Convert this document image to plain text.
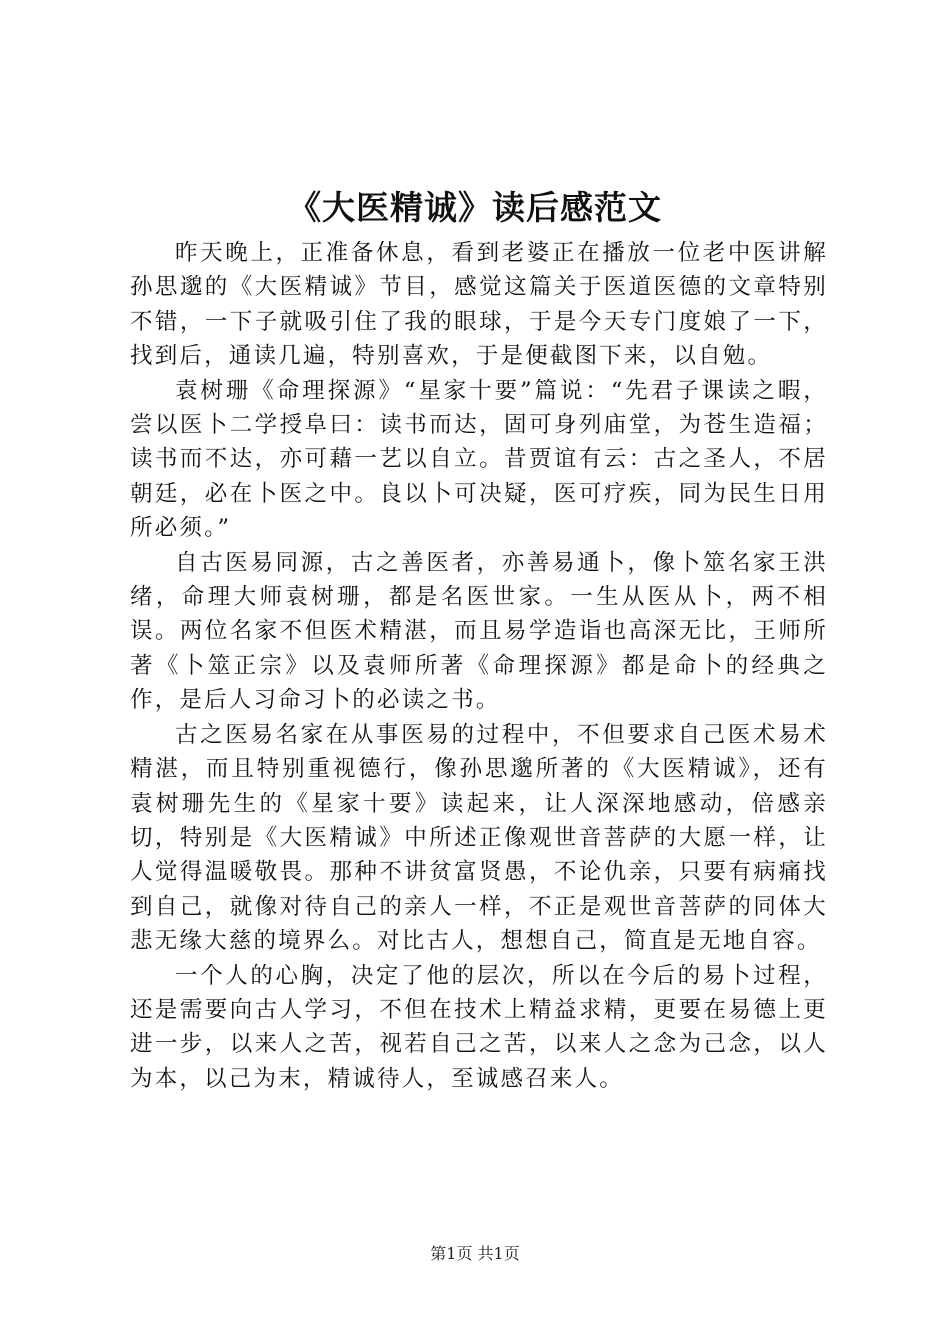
《大医精诚》读后感范文

昨天晚上，正准备休息，看到老婆正在播放一位老中医讲解孙思邈的《大医精诚》节目，感觉这篇关于医道医德的文章特别不错，一下子就吸引住了我的眼球，于是今天专门度娘了一下，找到后，通读几遍，特别喜欢，于是便截图下来，以自勉。

袁树珊《命理探源》“星家十要”篇说：“先君子课读之暇，尝以医卜二学授阜曰：读书而达，固可身列庙堂，为苍生造福；读书而不达，亦可藉一艺以自立。昔贾谊有云：古之圣人，不居朝廷，必在卜医之中。良以卜可决疑，医可疗疾，同为民生日用所必须。”

自古医易同源，古之善医者，亦善易通卜，像卜筮名家王洪绪，命理大师袁树珊，都是名医世家。一生从医从卜，两不相误。两位名家不但医术精湛，而且易学造诣也高深无比，王师所著《卜筮正宗》以及袁师所著《命理探源》都是命卜的经典之作，是后人习命习卜的必读之书。

古之医易名家在从事医易的过程中，不但要求自己医术易术精湛，而且特别重视德行，像孙思邈所著的《大医精诚》，还有袁树珊先生的《星家十要》读起来，让人深深地感动，倍感亲切，特别是《大医精诚》中所述正像观世音菩萨的大愿一样，让人觉得温暖敬畏。那种不讲贫富贤愚，不论仇亲，只要有病痛找到自己，就像对待自己的亲人一样，不正是观世音菩萨的同体大悲无缘大慈的境界么。对比古人，想想自己，简直是无地自容。

一个人的心胸，决定了他的层次，所以在今后的易卜过程，还是需要向古人学习，不但在技术上精益求精，更要在易德上更进一步，以来人之苦，视若自己之苦，以来人之念为己念，以人为本，以己为末，精诚待人，至诚感召来人。

第1页 共1页
